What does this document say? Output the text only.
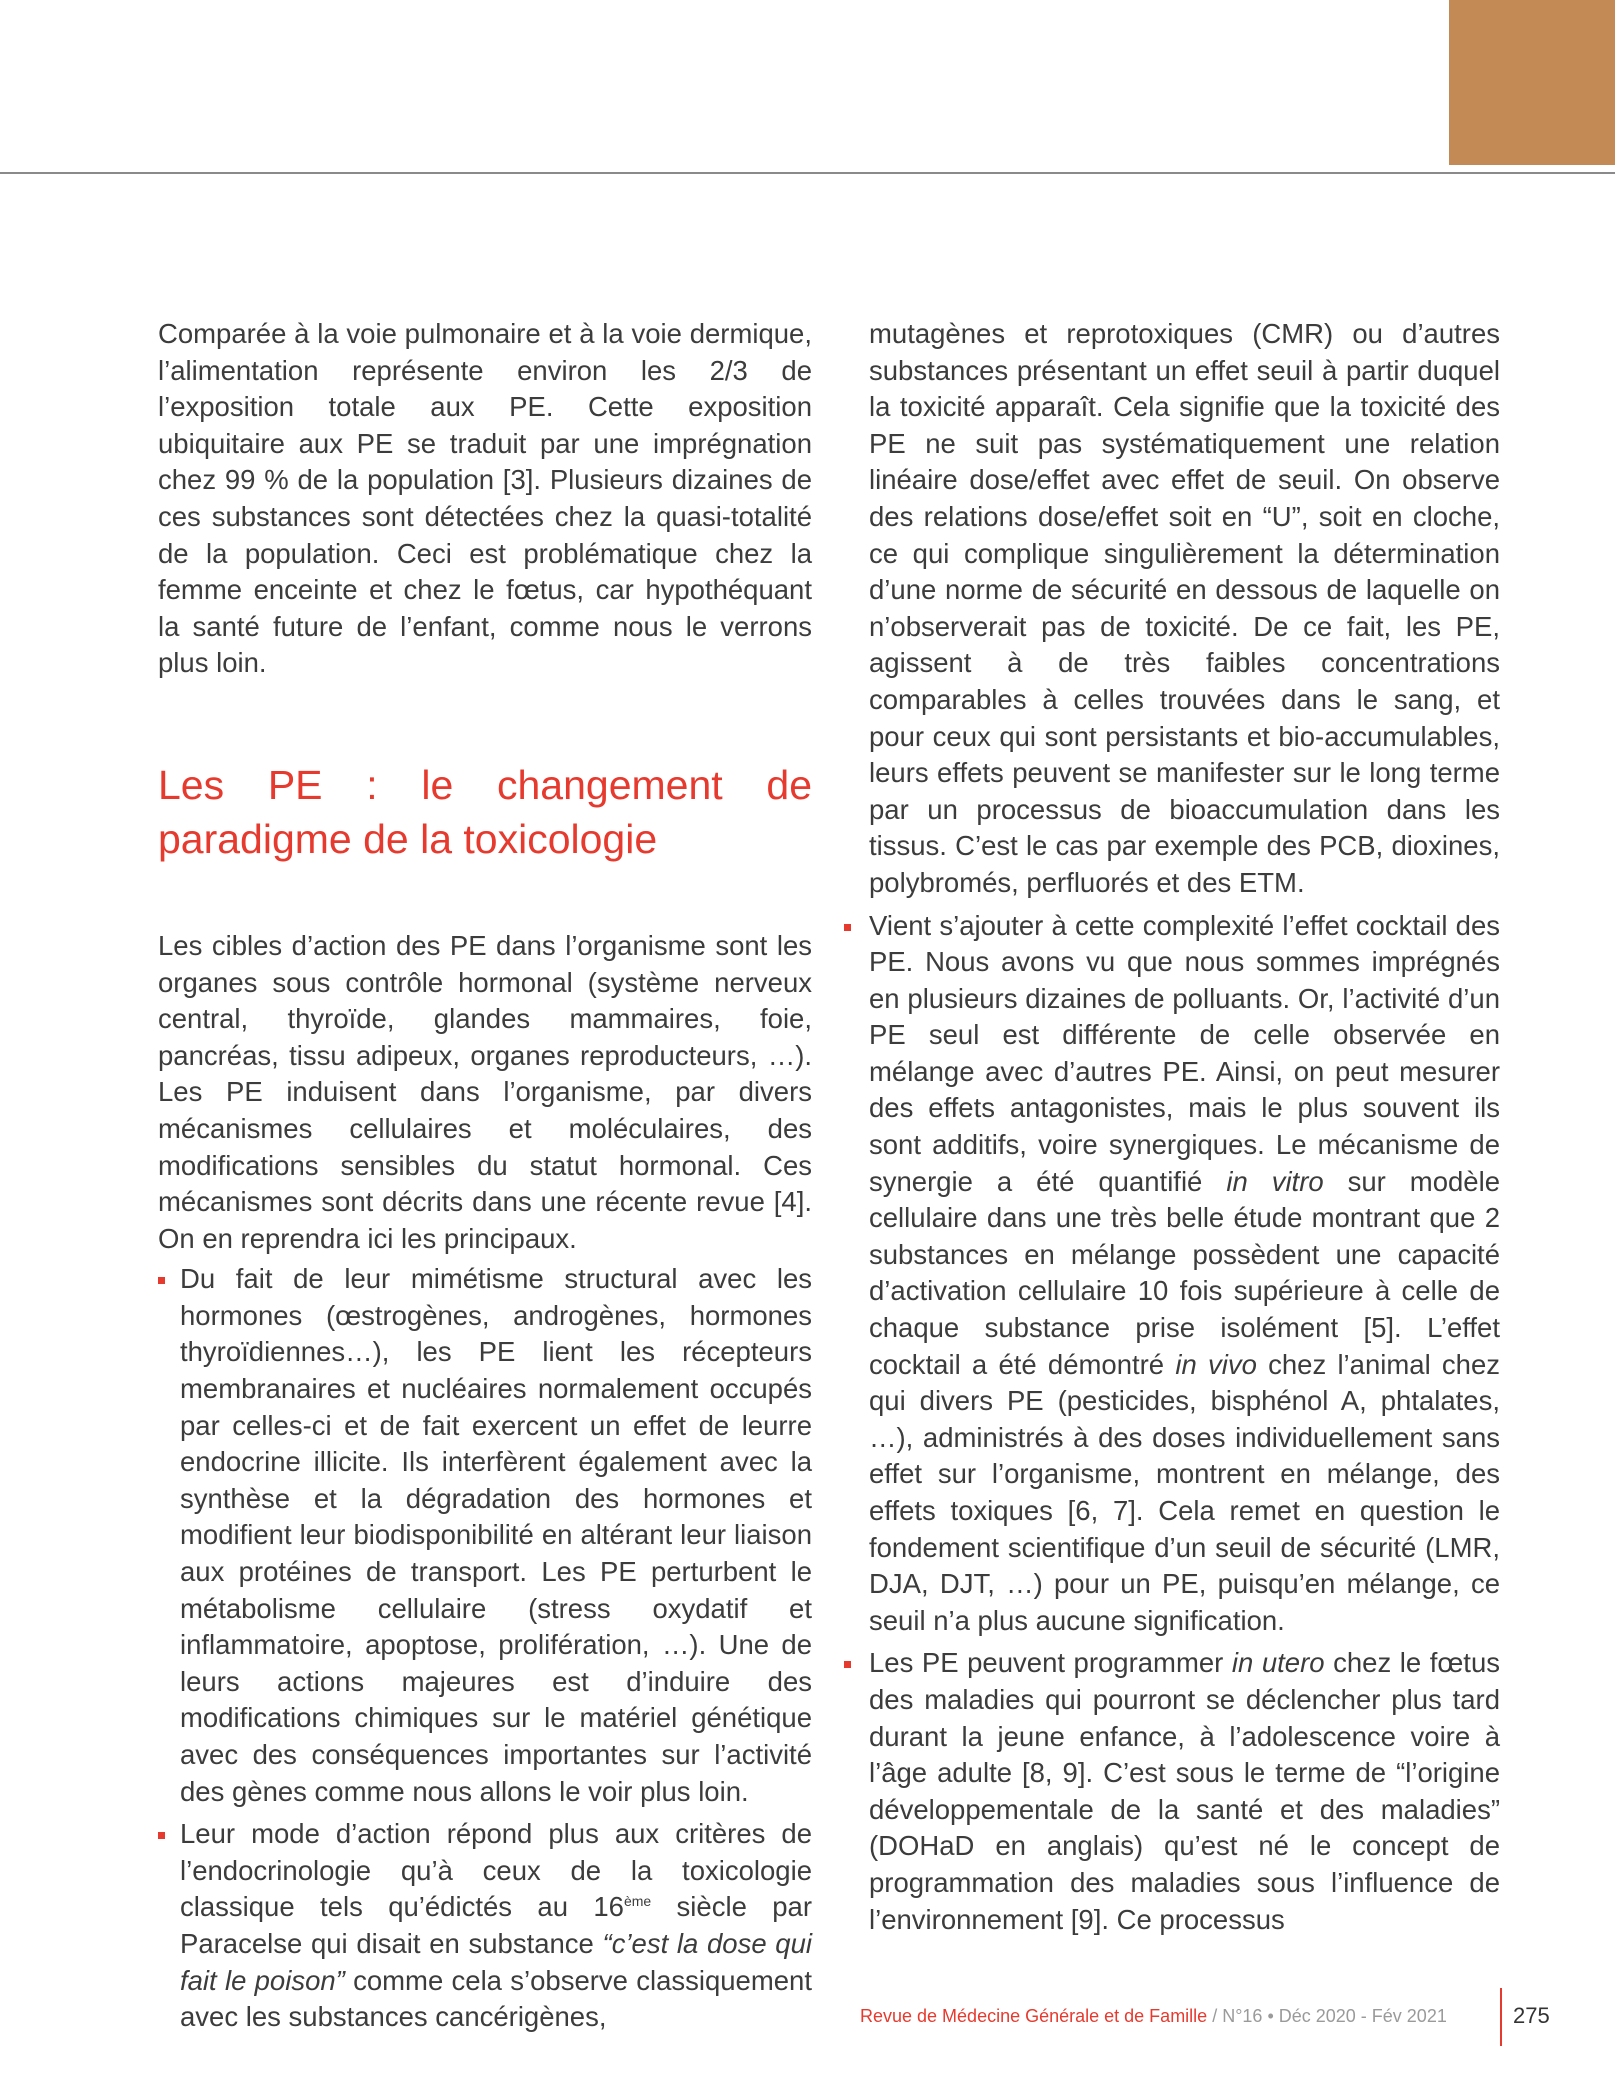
Comparée à la voie pulmonaire et à la voie dermique, l’alimentation représente environ les 2/3 de l’exposition totale aux PE. Cette exposition ubiquitaire aux PE se traduit par une imprégnation chez 99 % de la population [3]. Plusieurs dizaines de ces substances sont détectées chez la quasi-totalité de la population. Ceci est problématique chez la femme enceinte et chez le fœtus, car hypothéquant la santé future de l’enfant, comme nous le verrons plus loin.

Les PE : le changement de paradigme de la toxicologie

Les cibles d’action des PE dans l’organisme sont les organes sous contrôle hormonal (système nerveux central, thyroïde, glandes mammaires, foie, pancréas, tissu adipeux, organes reproducteurs, …). Les PE induisent dans l’organisme, par divers mécanismes cellulaires et moléculaires, des modifications sensibles du statut hormonal. Ces mécanismes sont décrits dans une récente revue [4]. On en reprendra ici les principaux.

Du fait de leur mimétisme structural avec les hormones (œstrogènes, androgènes, hormones thyroïdiennes…), les PE lient les récepteurs membranaires et nucléaires normalement occupés par celles-ci et de fait exercent un effet de leurre endocrine illicite. Ils interfèrent également avec la synthèse et la dégradation des hormones et modifient leur biodisponibilité en altérant leur liaison aux protéines de transport. Les PE perturbent le métabolisme cellulaire (stress oxydatif et inflammatoire, apoptose, prolifération, …). Une de leurs actions majeures est d’induire des modifications chimiques sur le matériel génétique avec des conséquences importantes sur l’activité des gènes comme nous allons le voir plus loin.
Leur mode d’action répond plus aux critères de l’endocrinologie qu’à ceux de la toxicologie classique tels qu’édictés au 16ème siècle par Paracelse qui disait en substance “c’est la dose qui fait le poison” comme cela s’observe classiquement avec les substances cancérigènes,

mutagènes et reprotoxiques (CMR) ou d’autres substances présentant un effet seuil à partir duquel la toxicité apparaît. Cela signifie que la toxicité des PE ne suit pas systématiquement une relation linéaire dose/effet avec effet de seuil. On observe des relations dose/effet soit en “U”, soit en cloche, ce qui complique singulièrement la détermination d’une norme de sécurité en dessous de laquelle on n’observerait pas de toxicité. De ce fait, les PE, agissent à de très faibles concentrations comparables à celles trouvées dans le sang, et pour ceux qui sont persistants et bio-accumulables, leurs effets peuvent se manifester sur le long terme par un processus de bioaccumulation dans les tissus. C’est le cas par exemple des PCB, dioxines, polybromés, perfluorés et des ETM.

Vient s’ajouter à cette complexité l’effet cocktail des PE. Nous avons vu que nous sommes imprégnés en plusieurs dizaines de polluants. Or, l’activité d’un PE seul est différente de celle observée en mélange avec d’autres PE. Ainsi, on peut mesurer des effets antagonistes, mais le plus souvent ils sont additifs, voire synergiques. Le mécanisme de synergie a été quantifié in vitro sur modèle cellulaire dans une très belle étude montrant que 2 substances en mélange possèdent une capacité d’activation cellulaire 10 fois supérieure à celle de chaque substance prise isolément [5]. L’effet cocktail a été démontré in vivo chez l’animal chez qui divers PE (pesticides, bisphénol A, phtalates, …), administrés à des doses individuellement sans effet sur l’organisme, montrent en mélange, des effets toxiques [6, 7]. Cela remet en question le fondement scientifique d’un seuil de sécurité (LMR, DJA, DJT, …) pour un PE, puisqu’en mélange, ce seuil n’a plus aucune signification.
Les PE peuvent programmer in utero chez le fœtus des maladies qui pourront se déclencher plus tard durant la jeune enfance, à l’adolescence voire à l’âge adulte [8, 9]. C’est sous le terme de “l’origine développementale de la santé et des maladies” (DOHaD en anglais) qu’est né le concept de programmation des maladies sous l’influence de l’environnement [9]. Ce processus
Revue de Médecine Générale et de Famille / N°16 • Déc 2020 - Fév 2021	275
